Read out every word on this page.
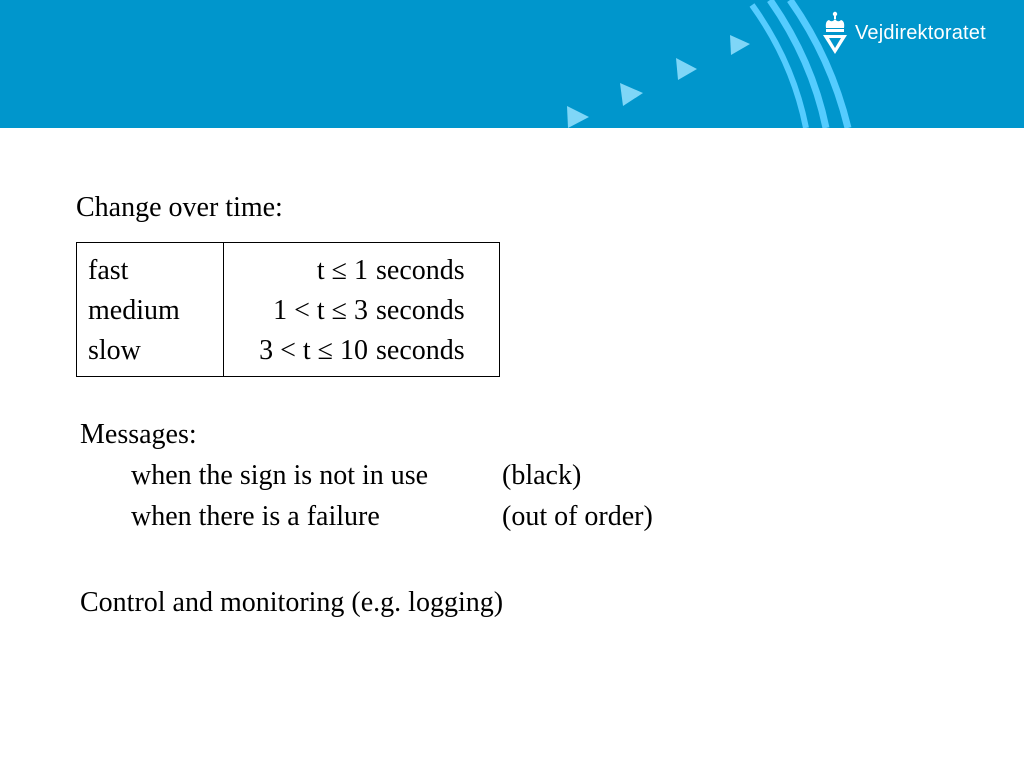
Vejdirektoratet
Change over time:
fast	t ≤ 1	seconds
medium	1 < t ≤ 3	seconds
slow	3 < t ≤ 10	seconds
Messages:
when the sign is not in use	(black)
when there is a failure	(out of order)

Control and monitoring (e.g. logging)
